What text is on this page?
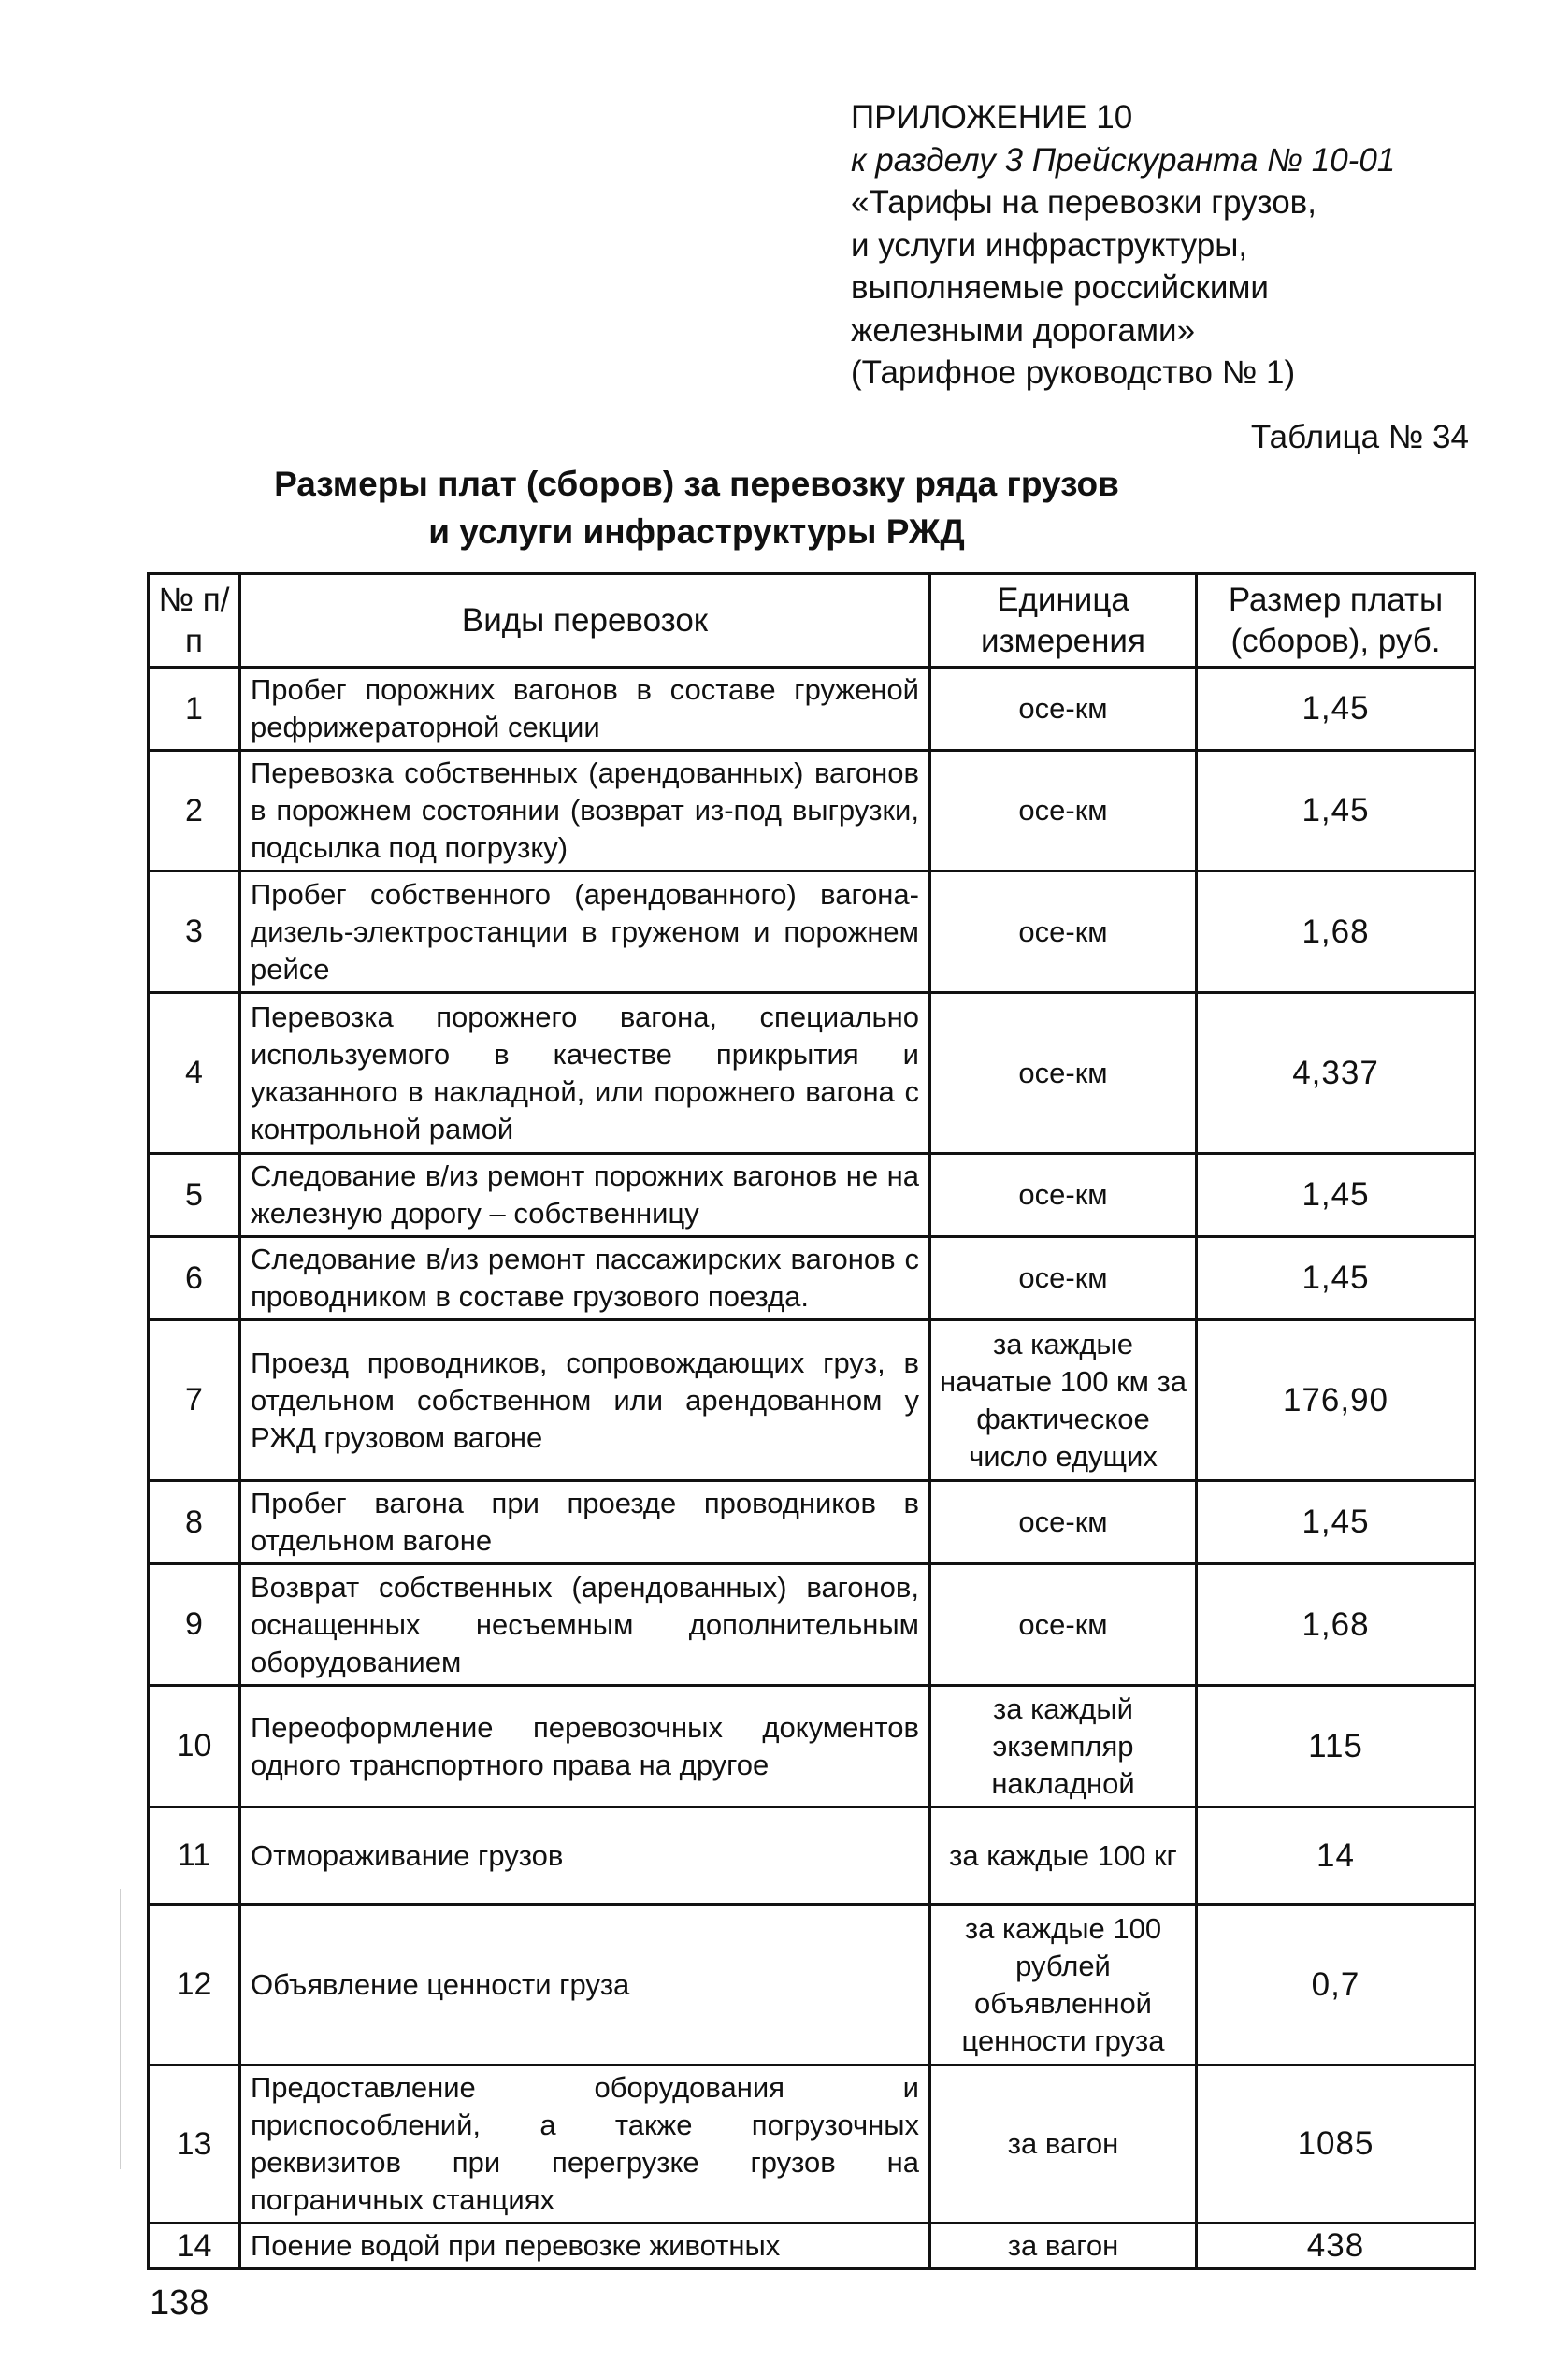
ПРИЛОЖЕНИЕ 10
к разделу 3 Прейскуранта № 10-01
«Тарифы на перевозки грузов,
и услуги инфраструктуры,
выполняемые российскими
железными дорогами»
(Тарифное руководство № 1)
Таблица № 34
Размеры плат (сборов) за перевозку ряда грузов
и услуги инфраструктуры РЖД
№ п/п	Виды перевозок	Единица измерения	Размер платы (сборов), руб.
1	Пробег порожних вагонов в составе груженой рефрижераторной секции	осе-км	1,45
2	Перевозка собственных (арендованных) вагонов в порожнем состоянии (возврат из-под выгрузки, подсылка под погрузку)	осе-км	1,45
3	Пробег собственного (арендованного) вагона-дизель-электростанции в груженом и порожнем рейсе	осе-км	1,68
4	Перевозка порожнего вагона, специально используемого в качестве прикрытия и указанного в накладной, или порожнего вагона с контрольной рамой	осе-км	4,337
5	Следование в/из ремонт порожних вагонов не на железную дорогу – собственницу	осе-км	1,45
6	Следование в/из ремонт пассажирских вагонов с проводником в составе грузового поезда.	осе-км	1,45
7	Проезд проводников, сопровождающих груз, в отдельном собственном или арендованном у РЖД грузовом вагоне	за каждые начатые 100 км за фактическое число едущих	176,90
8	Пробег вагона при проезде проводников в отдельном вагоне	осе-км	1,45
9	Возврат собственных (арендованных) вагонов, оснащенных несъемным дополнительным оборудованием	осе-км	1,68
10	Переоформление перевозочных документов одного транспортного права на другое	за каждый экземпляр накладной	115
11	Отмораживание грузов	за каждые 100 кг	14
12	Объявление ценности груза	за каждые 100 рублей объявленной ценности груза	0,7
13	Предоставление оборудования и приспособлений, а также погрузочных реквизитов при перегрузке грузов на пограничных станциях	за вагон	1085
14	Поение водой при перевозке животных	за вагон	438
138
